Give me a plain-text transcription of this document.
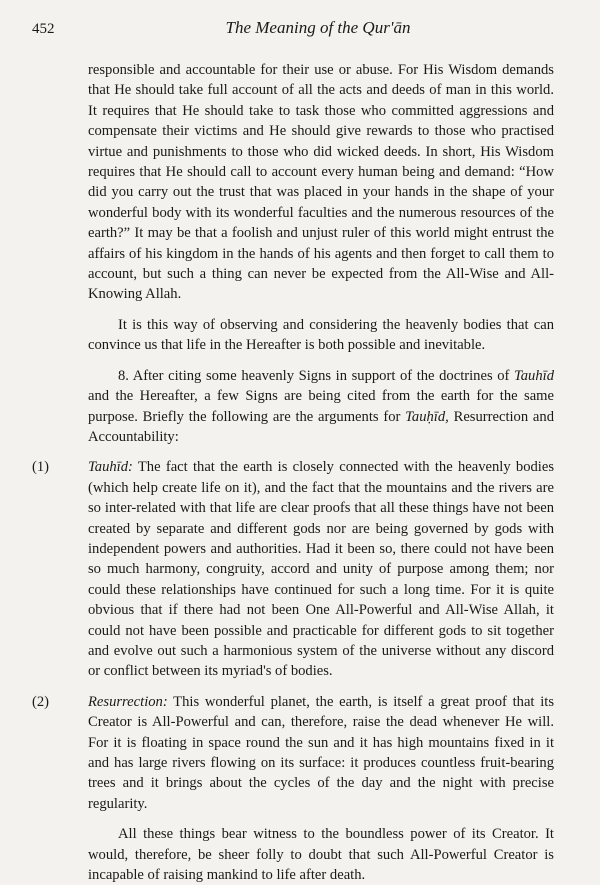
452	The Meaning of the Qur'ān

responsible and accountable for their use or abuse. For His Wisdom demands that He should take full account of all the acts and deeds of man in this world. It requires that He should take to task those who committed aggressions and compensate their victims and He should give rewards to those who practised virtue and punishments to those who did wicked deeds. In short, His Wisdom requires that He should call to account every human being and demand: “How did you carry out the trust that was placed in your hands in the shape of your wonderful body with its wonderful faculties and the numerous resources of the earth?” It may be that a foolish and unjust ruler of this world might entrust the affairs of his kingdom in the hands of his agents and then forget to call them to account, but such a thing can never be expected from the All-Wise and All-Knowing Allah.

It is this way of observing and considering the heavenly bodies that can convince us that life in the Hereafter is both possible and inevitable.

8. After citing some heavenly Signs in support of the doctrines of Tauhīd and the Hereafter, a few Signs are being cited from the earth for the same purpose. Briefly the following are the arguments for Tauḥīd, Resurrection and Accountability:

(1)	Tauhīd: The fact that the earth is closely connected with the heavenly bodies (which help create life on it), and the fact that the mountains and the rivers are so inter-related with that life are clear proofs that all these things have not been created by separate and different gods nor are being governed by gods with independent powers and authorities. Had it been so, there could not have been so much harmony, congruity, accord and unity of purpose among them; nor could these relationships have continued for such a long time. For it is quite obvious that if there had not been One All-Powerful and All-Wise Allah, it could not have been possible and practicable for different gods to sit together and evolve out such a harmonious system of the universe without any discord or conflict between its myriad's of bodies.
(2)	Resurrection: This wonderful planet, the earth, is itself a great proof that its Creator is All-Powerful and can, therefore, raise the dead whenever He will. For it is floating in space round the sun and it has high mountains fixed in it and has large rivers flowing on its surface: it produces countless fruit-bearing trees and it brings about the cycles of the day and the night with precise regularity.

All these things bear witness to the boundless power of its Creator. It would, therefore, be sheer folly to doubt that such All-Powerful Creator is incapable of raising mankind to life after death.
